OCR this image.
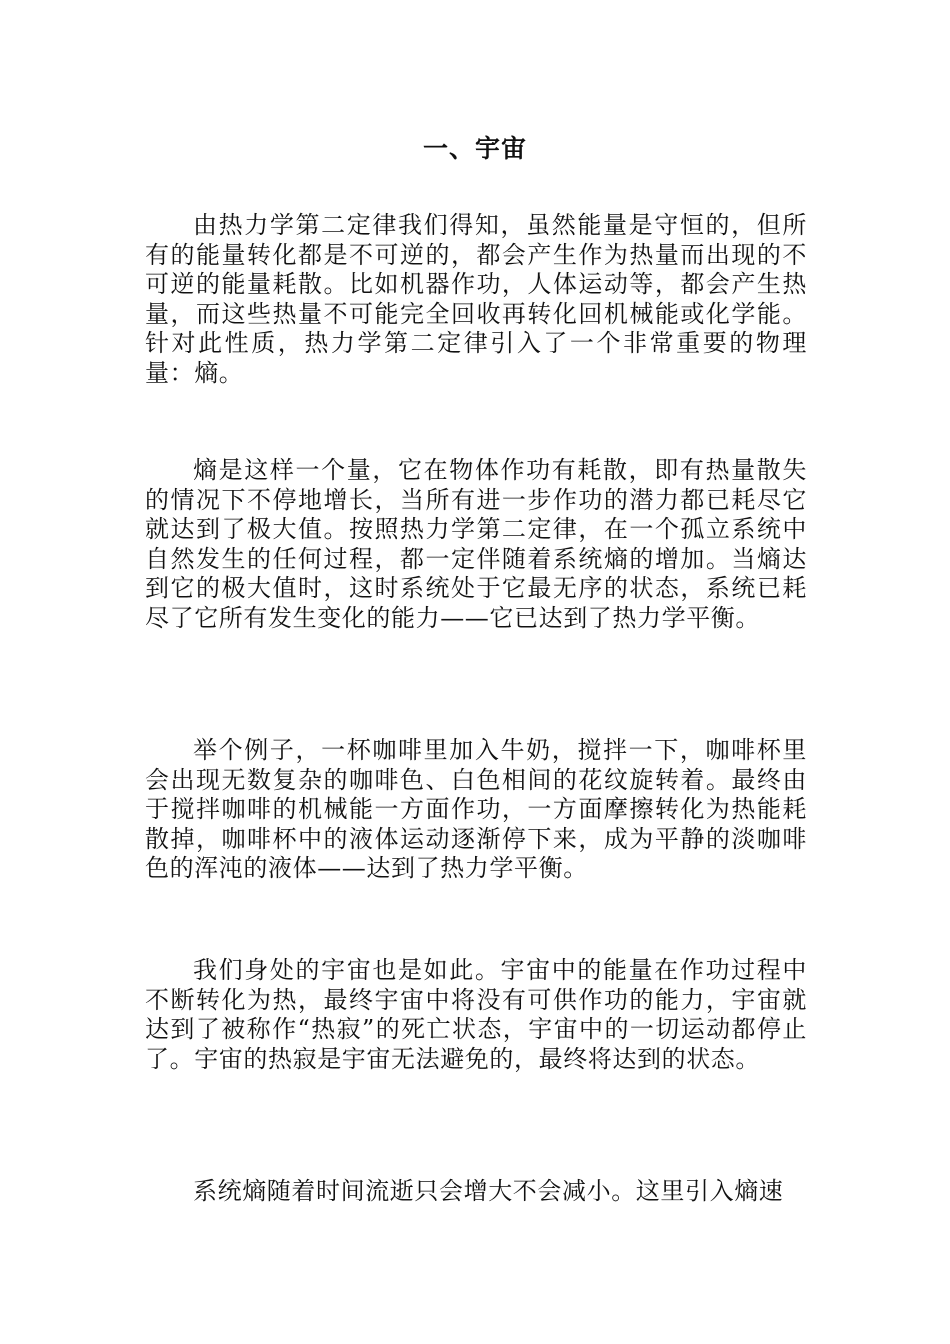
一、宇宙

由热力学第二定律我们得知，虽然能量是守恒的，但所有的能量转化都是不可逆的，都会产生作为热量而出现的不可逆的能量耗散。比如机器作功，人体运动等，都会产生热量，而这些热量不可能完全回收再转化回机械能或化学能。针对此性质，热力学第二定律引入了一个非常重要的物理量：熵。

熵是这样一个量，它在物体作功有耗散，即有热量散失的情况下不停地增长，当所有进一步作功的潜力都已耗尽它就达到了极大值。按照热力学第二定律，在一个孤立系统中自然发生的任何过程，都一定伴随着系统熵的增加。当熵达到它的极大值时，这时系统处于它最无序的状态，系统已耗尽了它所有发生变化的能力——它已达到了热力学平衡。

举个例子，一杯咖啡里加入牛奶，搅拌一下，咖啡杯里会出现无数复杂的咖啡色、白色相间的花纹旋转着。最终由于搅拌咖啡的机械能一方面作功，一方面摩擦转化为热能耗散掉，咖啡杯中的液体运动逐渐停下来，成为平静的淡咖啡色的浑沌的液体——达到了热力学平衡。

我们身处的宇宙也是如此。宇宙中的能量在作功过程中不断转化为热，最终宇宙中将没有可供作功的能力，宇宙就达到了被称作“热寂”的死亡状态，宇宙中的一切运动都停止了。宇宙的热寂是宇宙无法避免的，最终将达到的状态。

系统熵随着时间流逝只会增大不会减小。这里引入熵速
